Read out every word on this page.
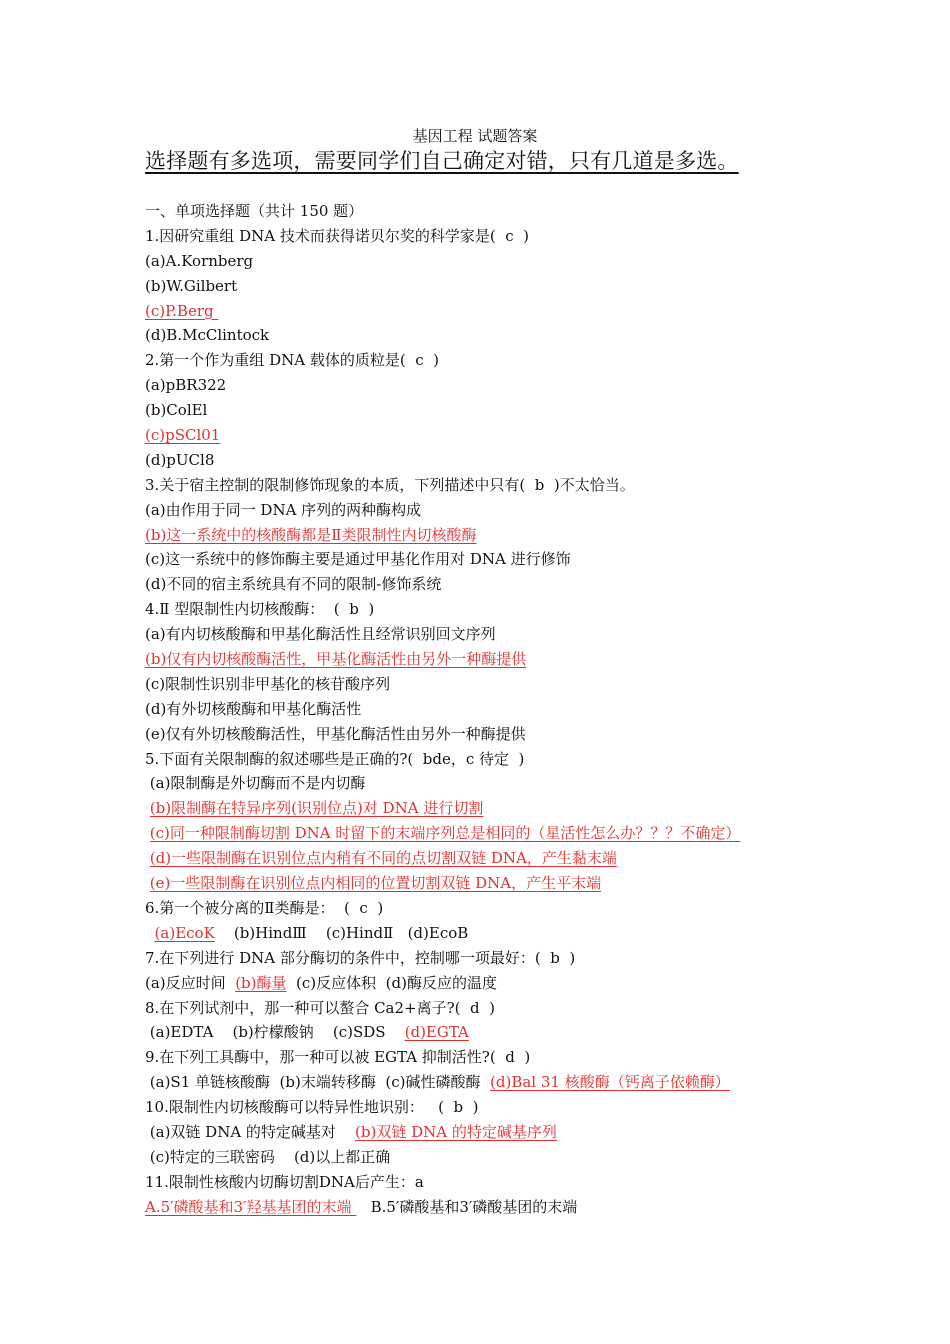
基因工程 试题答案
选择题有多选项，需要同学们自己确定对错，只有几道是多选。
一、单项选择题（共计 150 题）
1.因研究重组 DNA 技术而获得诺贝尔奖的科学家是(  c  )
(a)A.Kornberg
(b)W.Gilbert
(c)P.Berg
(d)B.McClintock
2.第一个作为重组 DNA 载体的质粒是(  c  )
(a)pBR322
(b)ColEl
(c)pSCl01
(d)pUCl8
3.关于宿主控制的限制修饰现象的本质，下列描述中只有(  b  )不太恰当。
(a)由作用于同一 DNA 序列的两种酶构成
(b)这一系统中的核酸酶都是Ⅱ类限制性内切核酸酶
(c)这一系统中的修饰酶主要是通过甲基化作用对 DNA 进行修饰
(d)不同的宿主系统具有不同的限制-修饰系统
4.Ⅱ 型限制性内切核酸酶：  (  b  )
(a)有内切核酸酶和甲基化酶活性且经常识别回文序列
(b)仅有内切核酸酶活性，甲基化酶活性由另外一种酶提供
(c)限制性识别非甲基化的核苷酸序列
(d)有外切核酸酶和甲基化酶活性
(e)仅有外切核酸酶活性，甲基化酶活性由另外一种酶提供
5.下面有关限制酶的叙述哪些是正确的?(  bde，c 待定  )
(a)限制酶是外切酶而不是内切酶
(b)限制酶在特异序列(识别位点)对 DNA 进行切割
(c)同一种限制酶切割 DNA 时留下的末端序列总是相同的（星活性怎么办？？？不确定）
(d)一些限制酶在识别位点内稍有不同的点切割双链 DNA，产生黏末端
(e)一些限制酶在识别位点内相同的位置切割双链 DNA，产生平末端
6.第一个被分离的Ⅱ类酶是：  (  c  )
(a)EcoK    (b)HindⅢ    (c)HindⅡ   (d)EcoB
7.在下列进行 DNA 部分酶切的条件中，控制哪一项最好：(  b  )
(a)反应时间  (b)酶量  (c)反应体积  (d)酶反应的温度
8.在下列试剂中，那一种可以螯合 Ca2+离子?(  d  )
(a)EDTA    (b)柠檬酸钠    (c)SDS    (d)EGTA
9.在下列工具酶中，那一种可以被 EGTA 抑制活性?(  d  )
(a)S1 单链核酸酶  (b)末端转移酶  (c)碱性磷酸酶  (d)Bal 31 核酸酶（钙离子依赖酶）
10.限制性内切核酸酶可以特异性地识别：   (  b  )
(a)双链 DNA 的特定碱基对    (b)双链 DNA 的特定碱基序列
(c)特定的三联密码    (d)以上都正确
11.限制性核酸内切酶切割DNA后产生：a
A.5′磷酸基和3′羟基基团的末端    B.5′磷酸基和3′磷酸基团的末端
